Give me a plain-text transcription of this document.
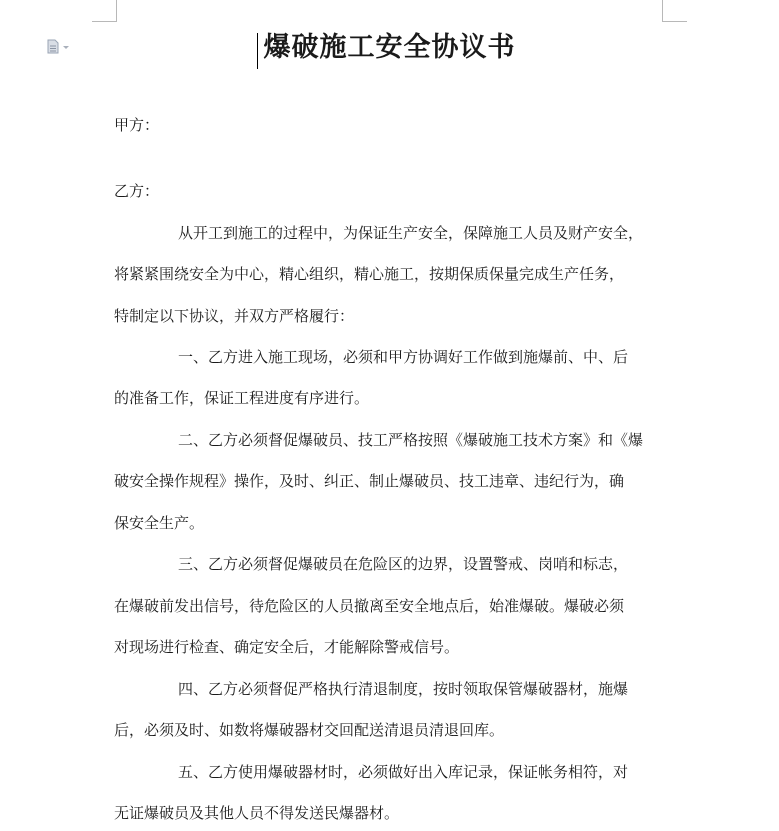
爆破施工安全协议书
甲方：
乙方：
从开工到施工的过程中，为保证生产安全，保障施工人员及财产安全，
将紧紧围绕安全为中心，精心组织，精心施工，按期保质保量完成生产任务，
特制定以下协议，并双方严格履行：
一、乙方进入施工现场，必须和甲方协调好工作做到施爆前、中、后
的准备工作，保证工程进度有序进行。
二、乙方必须督促爆破员、技工严格按照《爆破施工技术方案》和《爆
破安全操作规程》操作，及时、纠正、制止爆破员、技工违章、违纪行为，确
保安全生产。
三、乙方必须督促爆破员在危险区的边界，设置警戒、岗哨和标志，
在爆破前发出信号，待危险区的人员撤离至安全地点后，始准爆破。爆破必须
对现场进行检查、确定安全后，才能解除警戒信号。
四、乙方必须督促严格执行清退制度，按时领取保管爆破器材，施爆
后，必须及时、如数将爆破器材交回配送清退员清退回库。
五、乙方使用爆破器材时，必须做好出入库记录，保证帐务相符，对
无证爆破员及其他人员不得发送民爆器材。
